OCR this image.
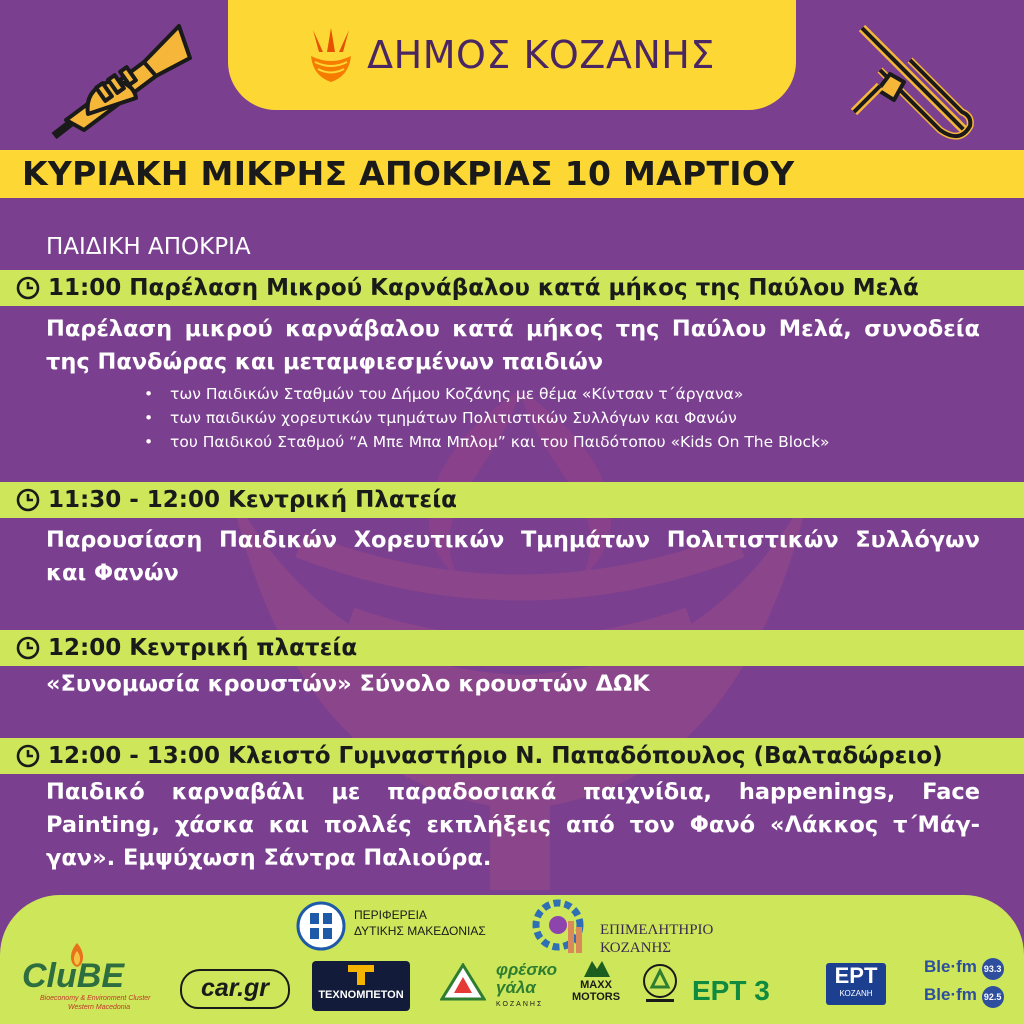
ΔΗΜΟΣ ΚΟΖΑΝΗΣ
ΚΥΡΙΑΚΗ ΜΙΚΡΗΣ ΑΠΟΚΡΙΑΣ 10 ΜΑΡΤΙΟΥ
ΠΑΙΔΙΚΗ ΑΠΟΚΡΙΑ
11:00 Παρέλαση Μικρού Καρνάβαλου κατά μήκος της Παύλου Μελά
Παρέλαση μικρού καρνάβαλου κατά μήκος της Παύλου Μελά, συνοδεία της Πανδώρας και μεταμφιεσμένων παιδιών
• των Παιδικών Σταθμών του Δήμου Κοζάνης με θέμα «Κίντσαν τ΄άργανα»
• των παιδικών χορευτικών τμημάτων Πολιτιστικών Συλλόγων και Φανών
• του Παιδικού Σταθμού “Α Μπε Μπα Μπλομ” και του Παιδότοπου «Kids On The Block»
11:30 - 12:00 Κεντρική Πλατεία
Παρουσίαση Παιδικών Χορευτικών Τμημάτων Πολιτιστικών Συλλόγων και Φανών
12:00 Κεντρική πλατεία
«Συνομωσία κρουστών» Σύνολο κρουστών ΔΩΚ
12:00 - 13:00 Κλειστό Γυμναστήριο Ν. Παπαδόπουλος (Βαλταδώρειο)
Παιδικό καρναβάλι με παραδοσιακά παιχνίδια, happenings, Face Painting, χάσκα και πολλές εκπλήξεις από τον Φανό «Λάκκος τ΄Μάγ-γαν». Εμψύχωση Σάντρα Παλιούρα.
ΠΕΡΙΦΕΡΕΙΑ
ΔΥΤΙΚΗΣ ΜΑΚΕΔΟΝΙΑΣ	ΕΠΙΜΕΛΗΤΗΡΙΟ
ΚΟΖΑΝΗΣ
CluBE
Bioeconomy & Environment Cluster
Western Macedonia
car.gr	ΤΕΧΝΟΜΠΕΤΟΝ
φρέσκο
γάλα
ΚΟΖΑΝΗΣ
MAXX
MOTORS	ΕΡΤ 3	ΕΡΤ
ΚΟΖΑΝΗ
Ble·fm 93.3
Ble·fm 92.5
